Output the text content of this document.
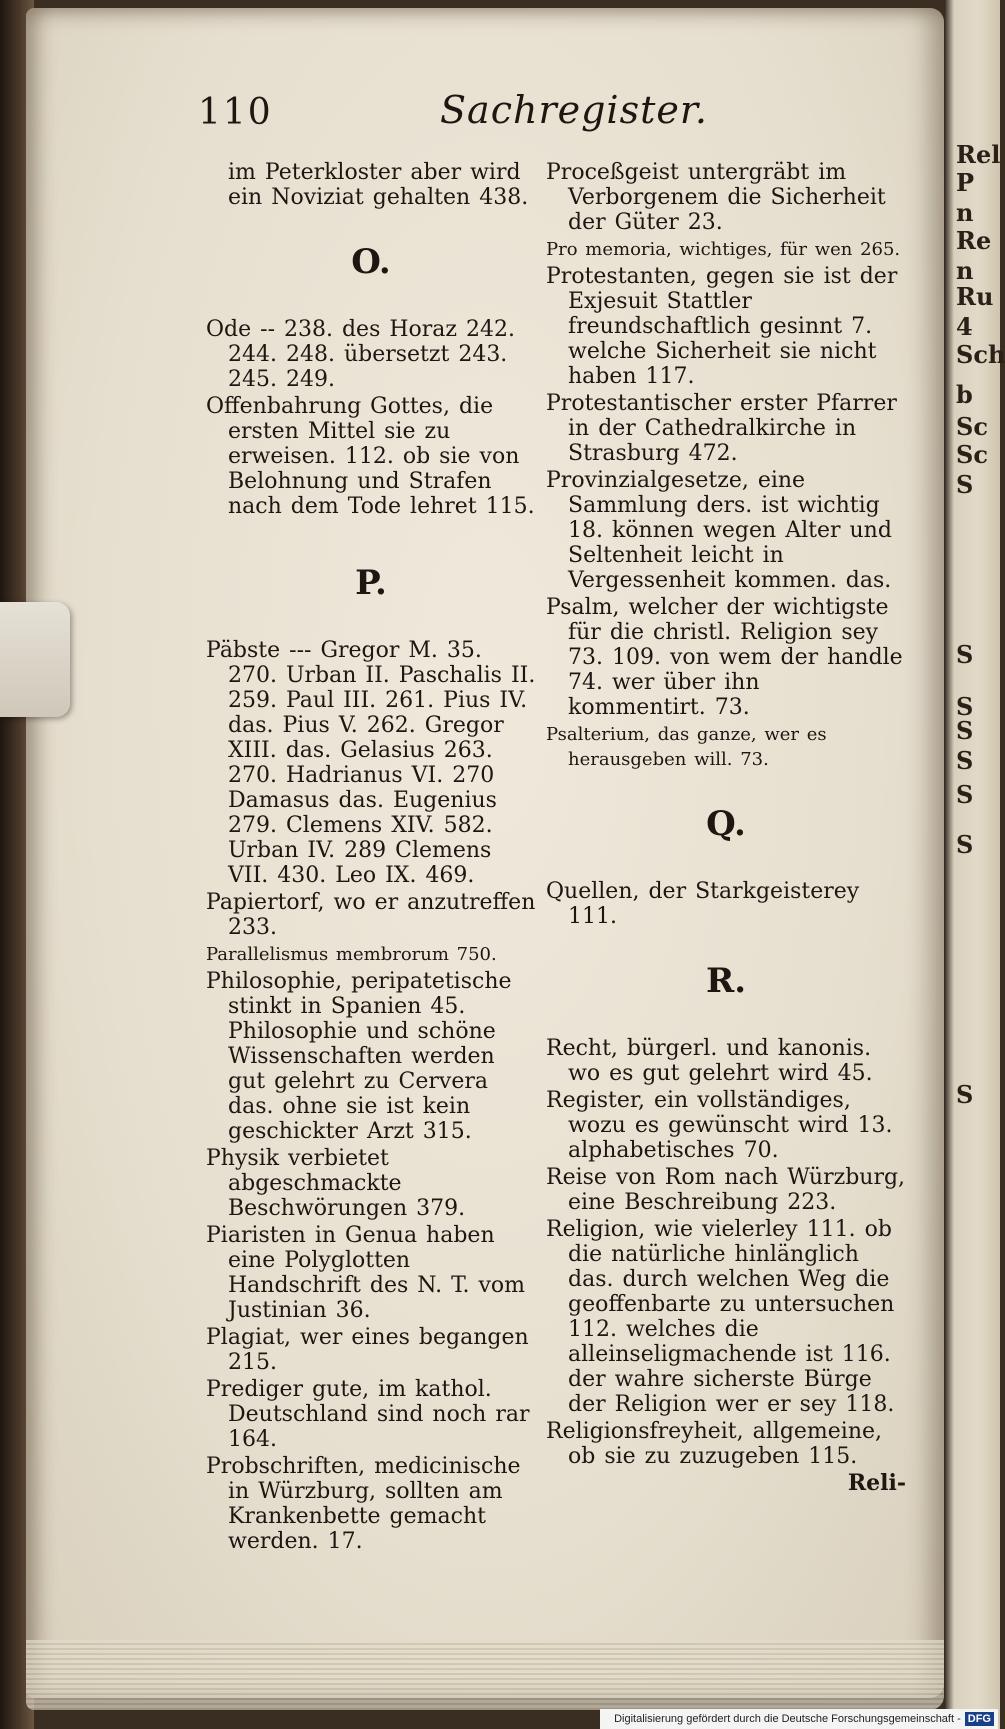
Rel
P
n
Re
n
Ru
4
Sch
b
Sc
Sc
S
S
S
S
S
S
S
S
110	Sachregister.
im Peterkloster aber wird ein Noviziat gehalten 438.
O.
Ode -- 238. des Horaz 242. 244. 248. übersetzt 243. 245. 249.
Offenbahrung Gottes, die ersten Mittel sie zu erweisen. 112. ob sie von Belohnung und Strafen nach dem Tode lehret 115.
P.
Päbste --- Gregor M. 35. 270. Urban II. Paschalis II. 259. Paul III. 261. Pius IV. das. Pius V. 262. Gregor XIII. das. Gelasius 263. 270. Hadrianus VI. 270 Damasus das. Eugenius 279. Clemens XIV. 582. Urban IV. 289 Clemens VII. 430. Leo IX. 469.
Papiertorf, wo er anzutreffen 233.
Parallelismus membrorum 750.
Philosophie, peripatetische stinkt in Spanien 45. Philosophie und schöne Wissenschaften werden gut gelehrt zu Cervera das. ohne sie ist kein geschickter Arzt 315.
Physik verbietet abgeschmackte Beschwörungen 379.
Piaristen in Genua haben eine Polyglotten Handschrift des N. T. vom Justinian 36.
Plagiat, wer eines begangen 215.
Prediger gute, im kathol. Deutschland sind noch rar 164.
Probschriften, medicinische in Würzburg, sollten am Krankenbette gemacht werden. 17.
Proceßgeist untergräbt im Verborgenem die Sicherheit der Güter 23.
Pro memoria, wichtiges, für wen 265.
Protestanten, gegen sie ist der Exjesuit Stattler freundschaftlich gesinnt 7. welche Sicherheit sie nicht haben 117.
Protestantischer erster Pfarrer in der Cathedralkirche in Strasburg 472.
Provinzialgesetze, eine Sammlung ders. ist wichtig 18. können wegen Alter und Seltenheit leicht in Vergessenheit kommen. das.
Psalm, welcher der wichtigste für die christl. Religion sey 73. 109. von wem der handle 74. wer über ihn kommentirt. 73.
Psalterium, das ganze, wer es herausgeben will. 73.
Q.
Quellen, der Starkgeisterey 111.
R.
Recht, bürgerl. und kanonis. wo es gut gelehrt wird 45.
Register, ein vollständiges, wozu es gewünscht wird 13. alphabetisches 70.
Reise von Rom nach Würzburg, eine Beschreibung 223.
Religion, wie vielerley 111. ob die natürliche hinlänglich das. durch welchen Weg die geoffenbarte zu untersuchen 112. welches die alleinseligmachende ist 116. der wahre sicherste Bürge der Religion wer er sey 118.
Religionsfreyheit, allgemeine, ob sie zu zuzugeben 115.
Reli-
Digitalisierung gefördert durch die Deutsche Forschungsgemeinschaft - DFG
